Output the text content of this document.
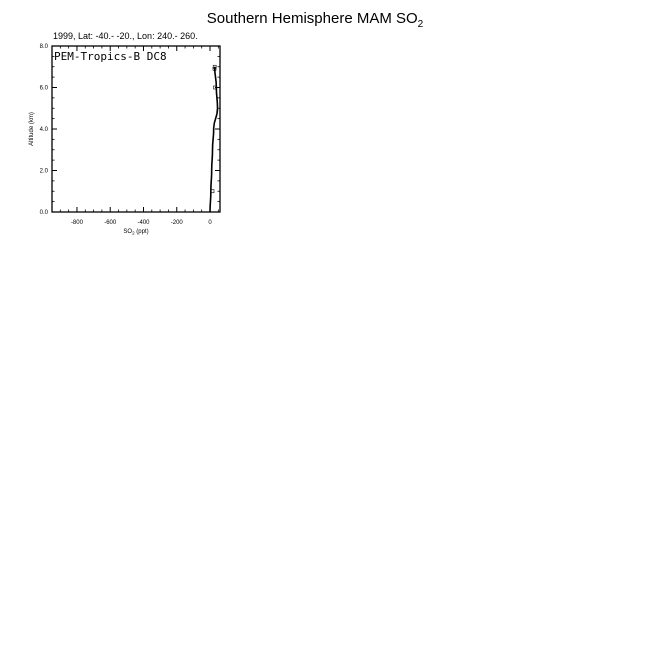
Southern Hemisphere MAM $SO_2$
1999, Lat: -40.- -20., Lon: 240.- 260.
-800	-600	-400	-200	0
0.0
2.0
4.0
6.0
8.0
PEM-Tropics-B DC8
$SO_2$ (ppt)
Altitude (km)
